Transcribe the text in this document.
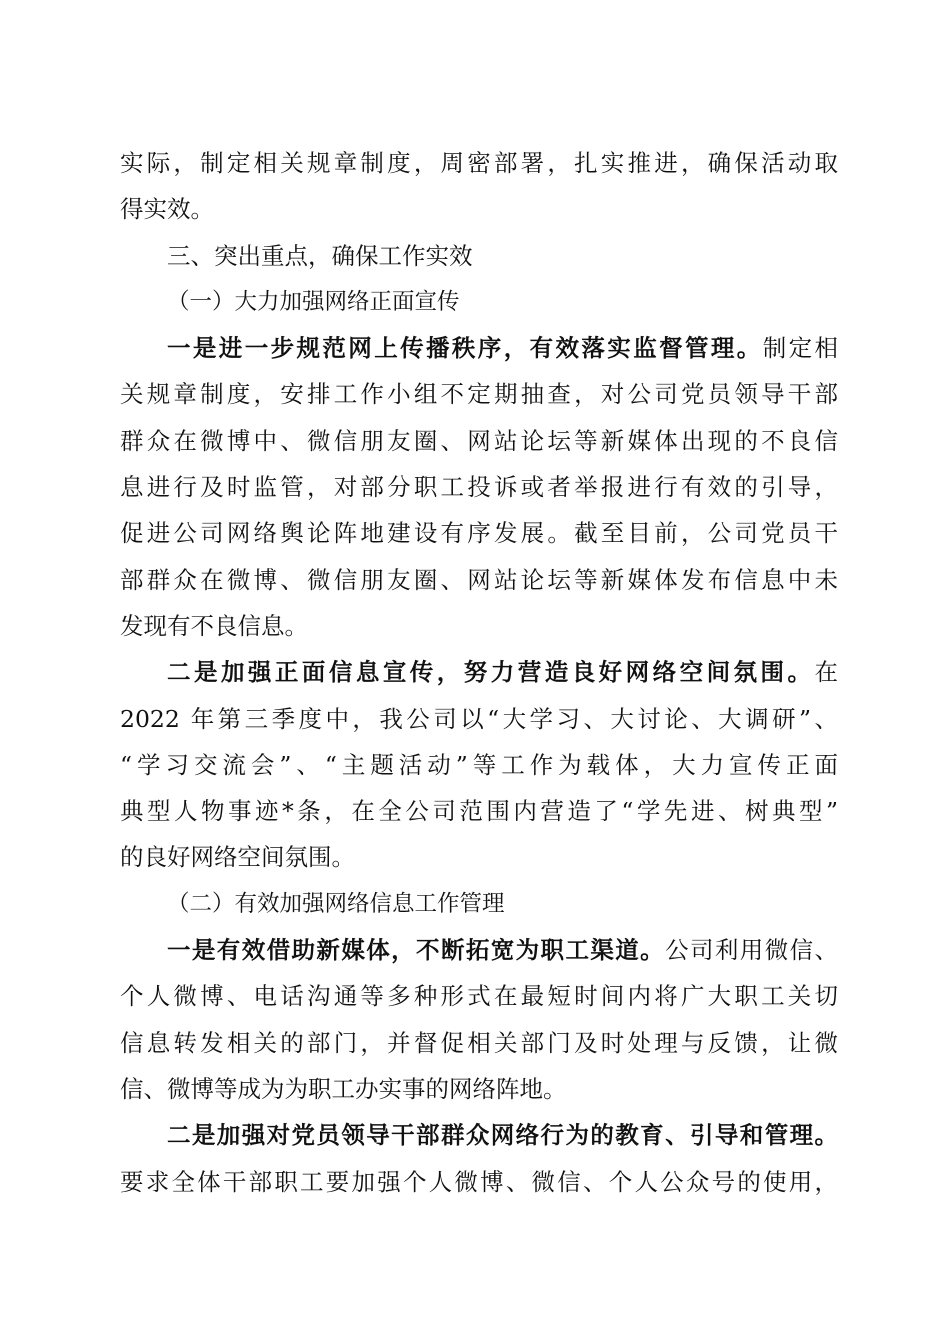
实际，制定相关规章制度，周密部署，扎实推进，确保活动取
得实效。
三、突出重点，确保工作实效
（一）大力加强网络正面宣传
一是进一步规范网上传播秩序，有效落实监督管理。制定相
关规章制度，安排工作小组不定期抽查，对公司党员领导干部
群众在微博中、微信朋友圈、网站论坛等新媒体出现的不良信
息进行及时监管，对部分职工投诉或者举报进行有效的引导，
促进公司网络舆论阵地建设有序发展。截至目前，公司党员干
部群众在微博、微信朋友圈、网站论坛等新媒体发布信息中未
发现有不良信息。
二是加强正面信息宣传，努力营造良好网络空间氛围。在
2022 年第三季度中，我公司以“大学习、大讨论、大调研”、
“学习交流会”、“主题活动”等工作为载体，大力宣传正面
典型人物事迹*条，在全公司范围内营造了“学先进、树典型”
的良好网络空间氛围。
（二）有效加强网络信息工作管理
一是有效借助新媒体，不断拓宽为职工渠道。公司利用微信、
个人微博、电话沟通等多种形式在最短时间内将广大职工关切
信息转发相关的部门，并督促相关部门及时处理与反馈，让微
信、微博等成为为职工办实事的网络阵地。
二是加强对党员领导干部群众网络行为的教育、引导和管理。
要求全体干部职工要加强个人微博、微信、个人公众号的使用，
